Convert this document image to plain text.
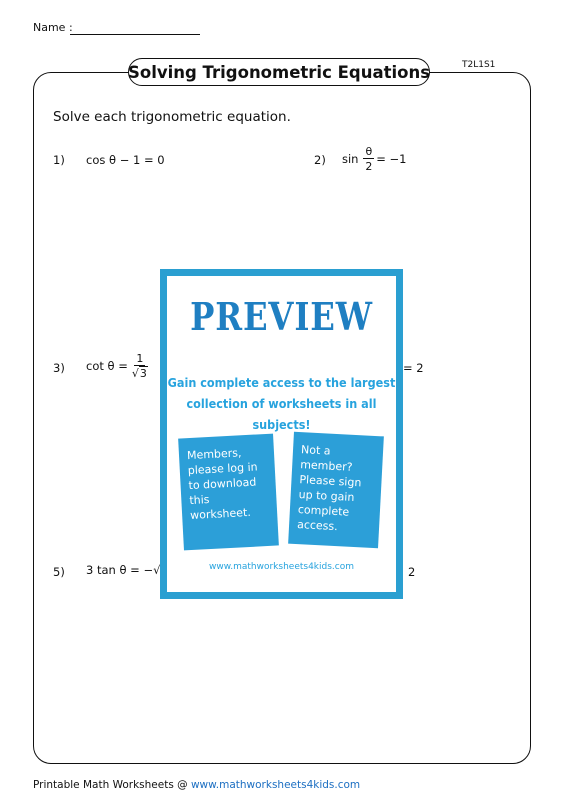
Name :
Solving Trigonometric Equations	T2L1S1
Solve each trigonometric equation.
1) cos θ − 1 = 0	2) $\sin \frac{\theta}{2} = -1$
3) $\cot \theta = \frac{1}{√3}$	= 2
5) 3 tan θ = − √	2
PREVIEW
Gain complete access to the largest
collection of worksheets in all subjects!
Members, please log in to download this worksheet.
Not a member? Please sign up to gain complete access.
www.mathworksheets4kids.com
Printable Math Worksheets @ www.mathworksheets4kids.com
